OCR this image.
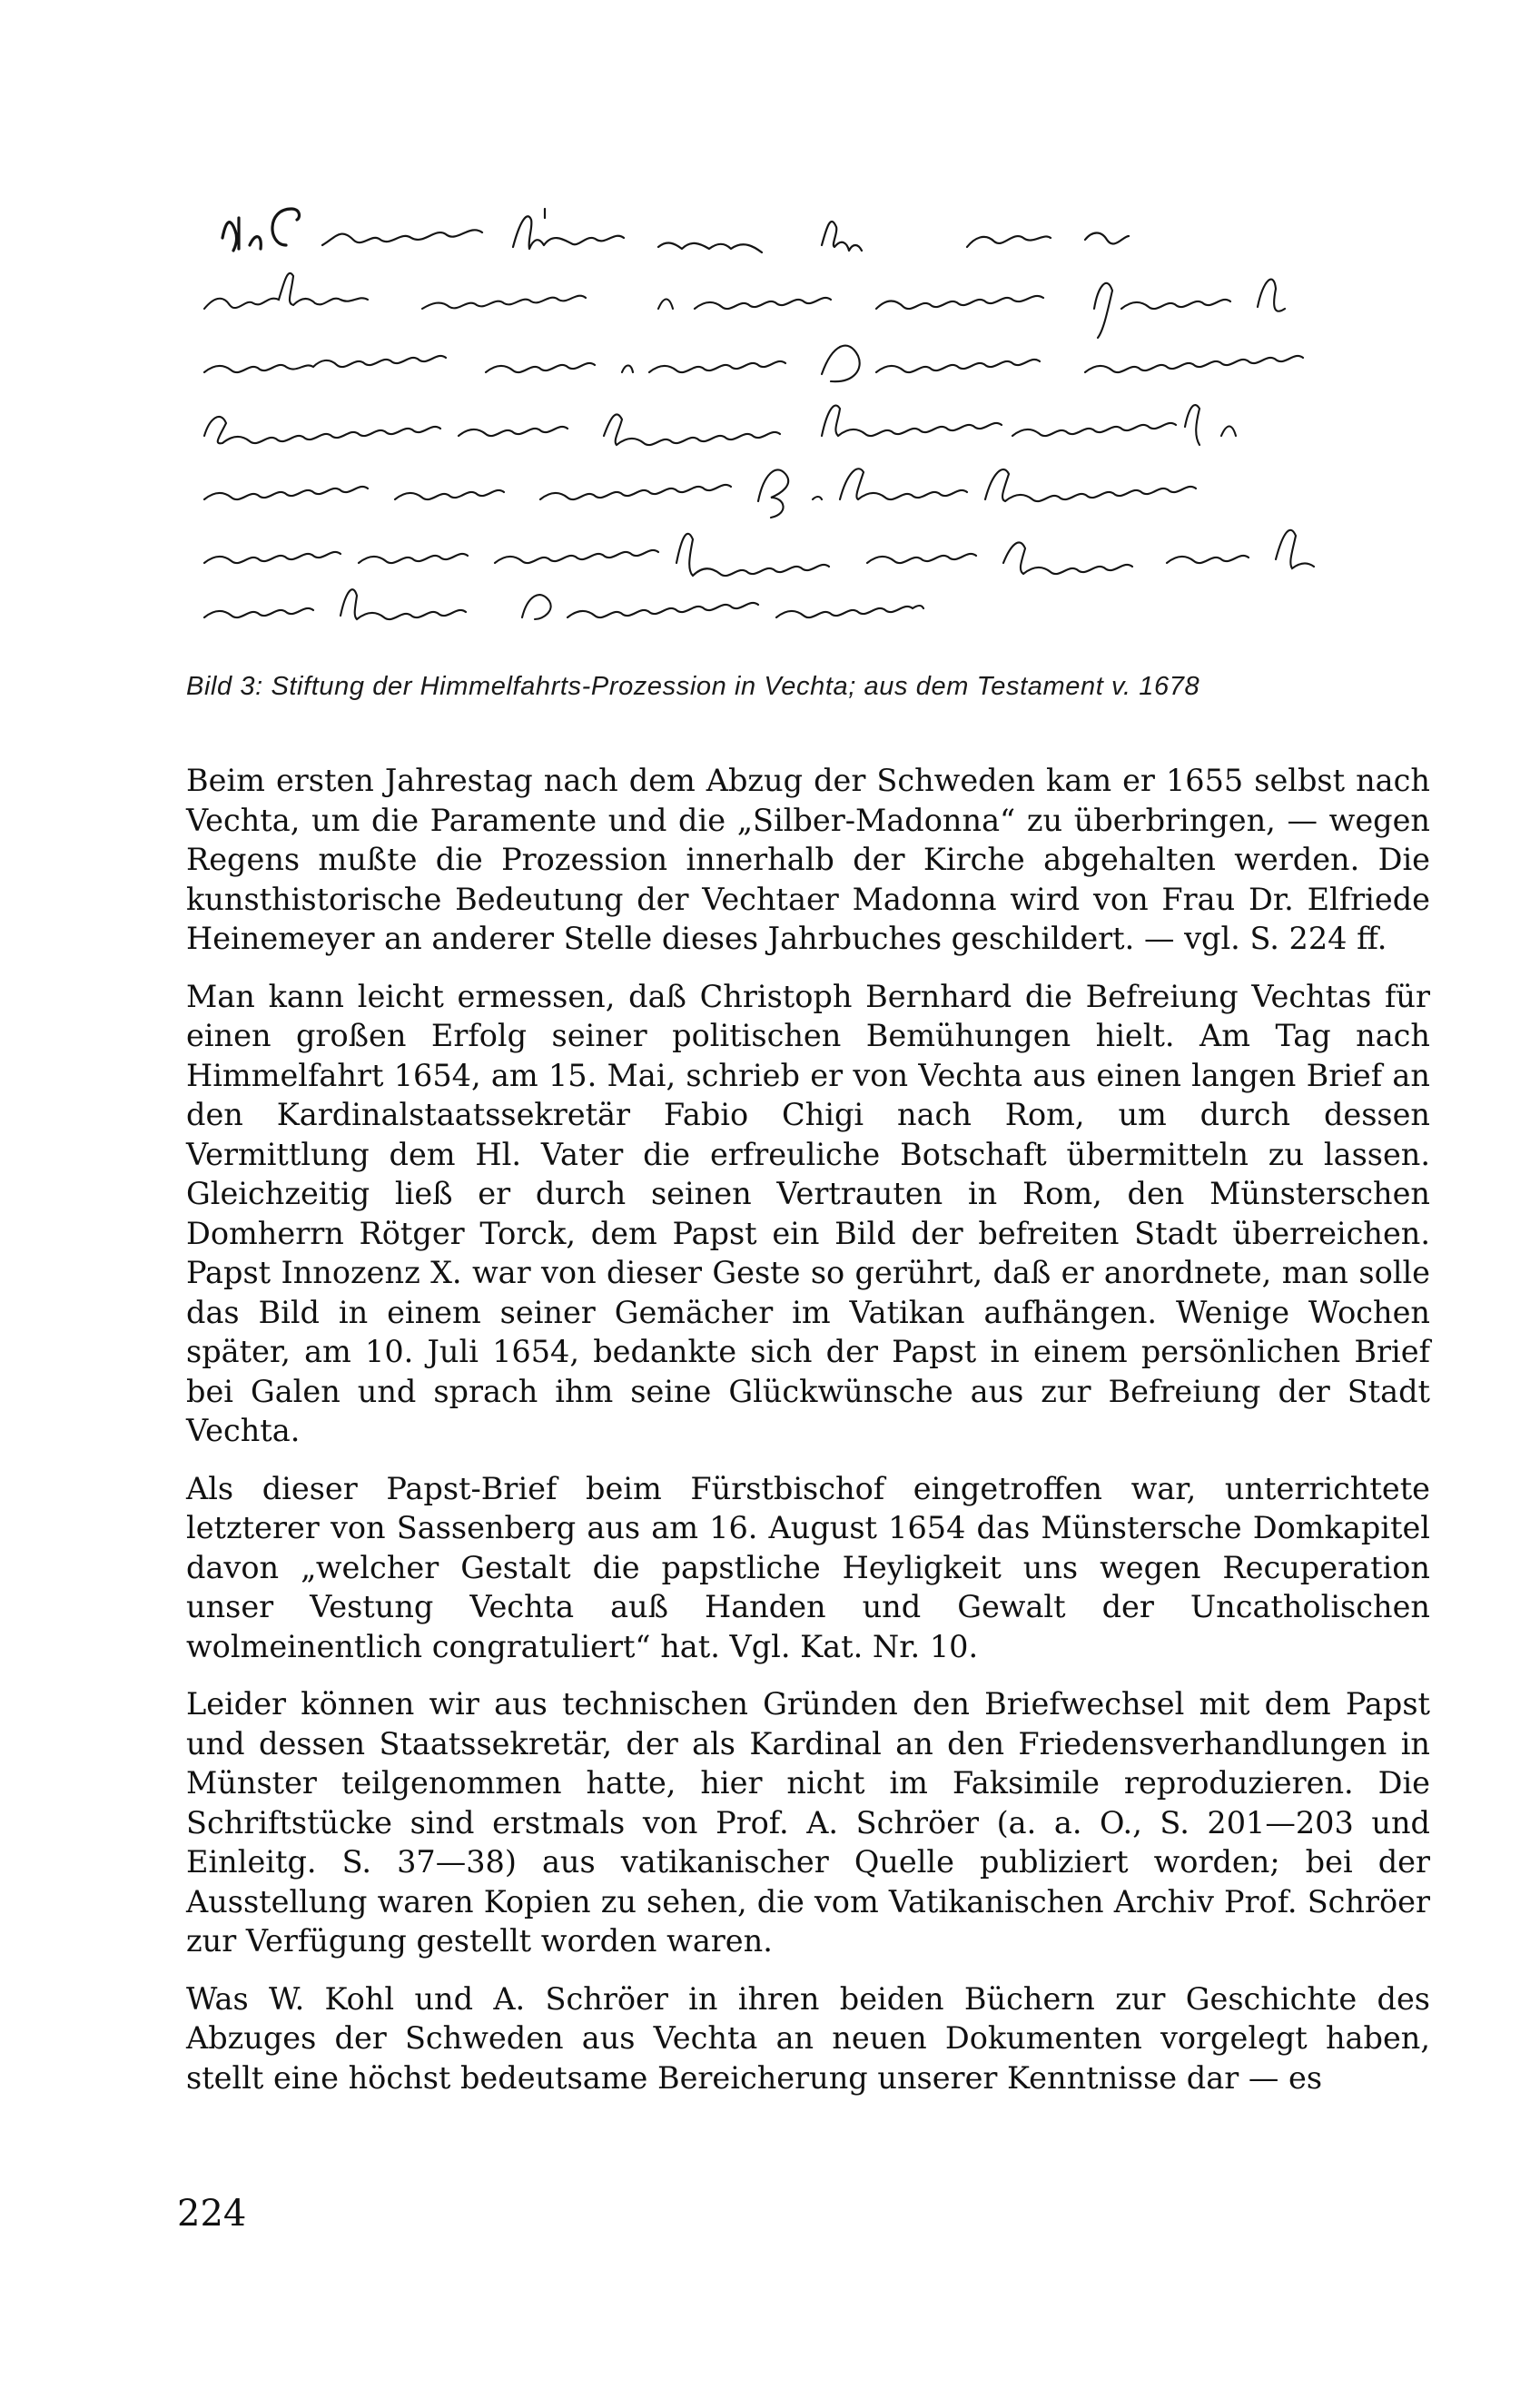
Bild 3: Stiftung der Himmelfahrts-Prozession in Vechta; aus dem Testament v. 1678

Beim ersten Jahrestag nach dem Abzug der Schweden kam er 1655 selbst nach Vechta, um die Paramente und die „Silber-Madonna“ zu überbringen, — wegen Regens mußte die Prozession innerhalb der Kirche abgehalten werden. Die kunsthistorische Bedeutung der Vechtaer Madonna wird von Frau Dr. Elfriede Heinemeyer an anderer Stelle dieses Jahrbuches geschildert. — vgl. S. 224 ff.

Man kann leicht ermessen, daß Christoph Bernhard die Befreiung Vechtas für einen großen Erfolg seiner politischen Bemühungen hielt. Am Tag nach Himmelfahrt 1654, am 15. Mai, schrieb er von Vechta aus einen langen Brief an den Kardinalstaatssekretär Fabio Chigi nach Rom, um durch dessen Vermittlung dem Hl. Vater die erfreuliche Botschaft übermitteln zu lassen. Gleichzeitig ließ er durch seinen Vertrauten in Rom, den Münsterschen Domherrn Rötger Torck, dem Papst ein Bild der befreiten Stadt überreichen. Papst Innozenz X. war von dieser Geste so gerührt, daß er anordnete, man solle das Bild in einem seiner Gemächer im Vatikan aufhängen. Wenige Wochen später, am 10. Juli 1654, bedankte sich der Papst in einem persönlichen Brief bei Galen und sprach ihm seine Glückwünsche aus zur Befreiung der Stadt Vechta.

Als dieser Papst-Brief beim Fürstbischof eingetroffen war, unterrichtete letzterer von Sassenberg aus am 16. August 1654 das Münstersche Domkapitel davon „welcher Gestalt die papstliche Heyligkeit uns wegen Recuperation unser Vestung Vechta auß Handen und Gewalt der Uncatholischen wolmeinentlich congratuliert“ hat. Vgl. Kat. Nr. 10.

Leider können wir aus technischen Gründen den Briefwechsel mit dem Papst und dessen Staatssekretär, der als Kardinal an den Friedensverhandlungen in Münster teilgenommen hatte, hier nicht im Faksimile reproduzieren. Die Schriftstücke sind erstmals von Prof. A. Schröer (a. a. O., S. 201—203 und Einleitg. S. 37—38) aus vatikanischer Quelle publiziert worden; bei der Ausstellung waren Kopien zu sehen, die vom Vatikanischen Archiv Prof. Schröer zur Verfügung gestellt worden waren.

Was W. Kohl und A. Schröer in ihren beiden Büchern zur Geschichte des Abzuges der Schweden aus Vechta an neuen Dokumenten vorgelegt haben, stellt eine höchst bedeutsame Bereicherung unserer Kenntnisse dar — es

224
